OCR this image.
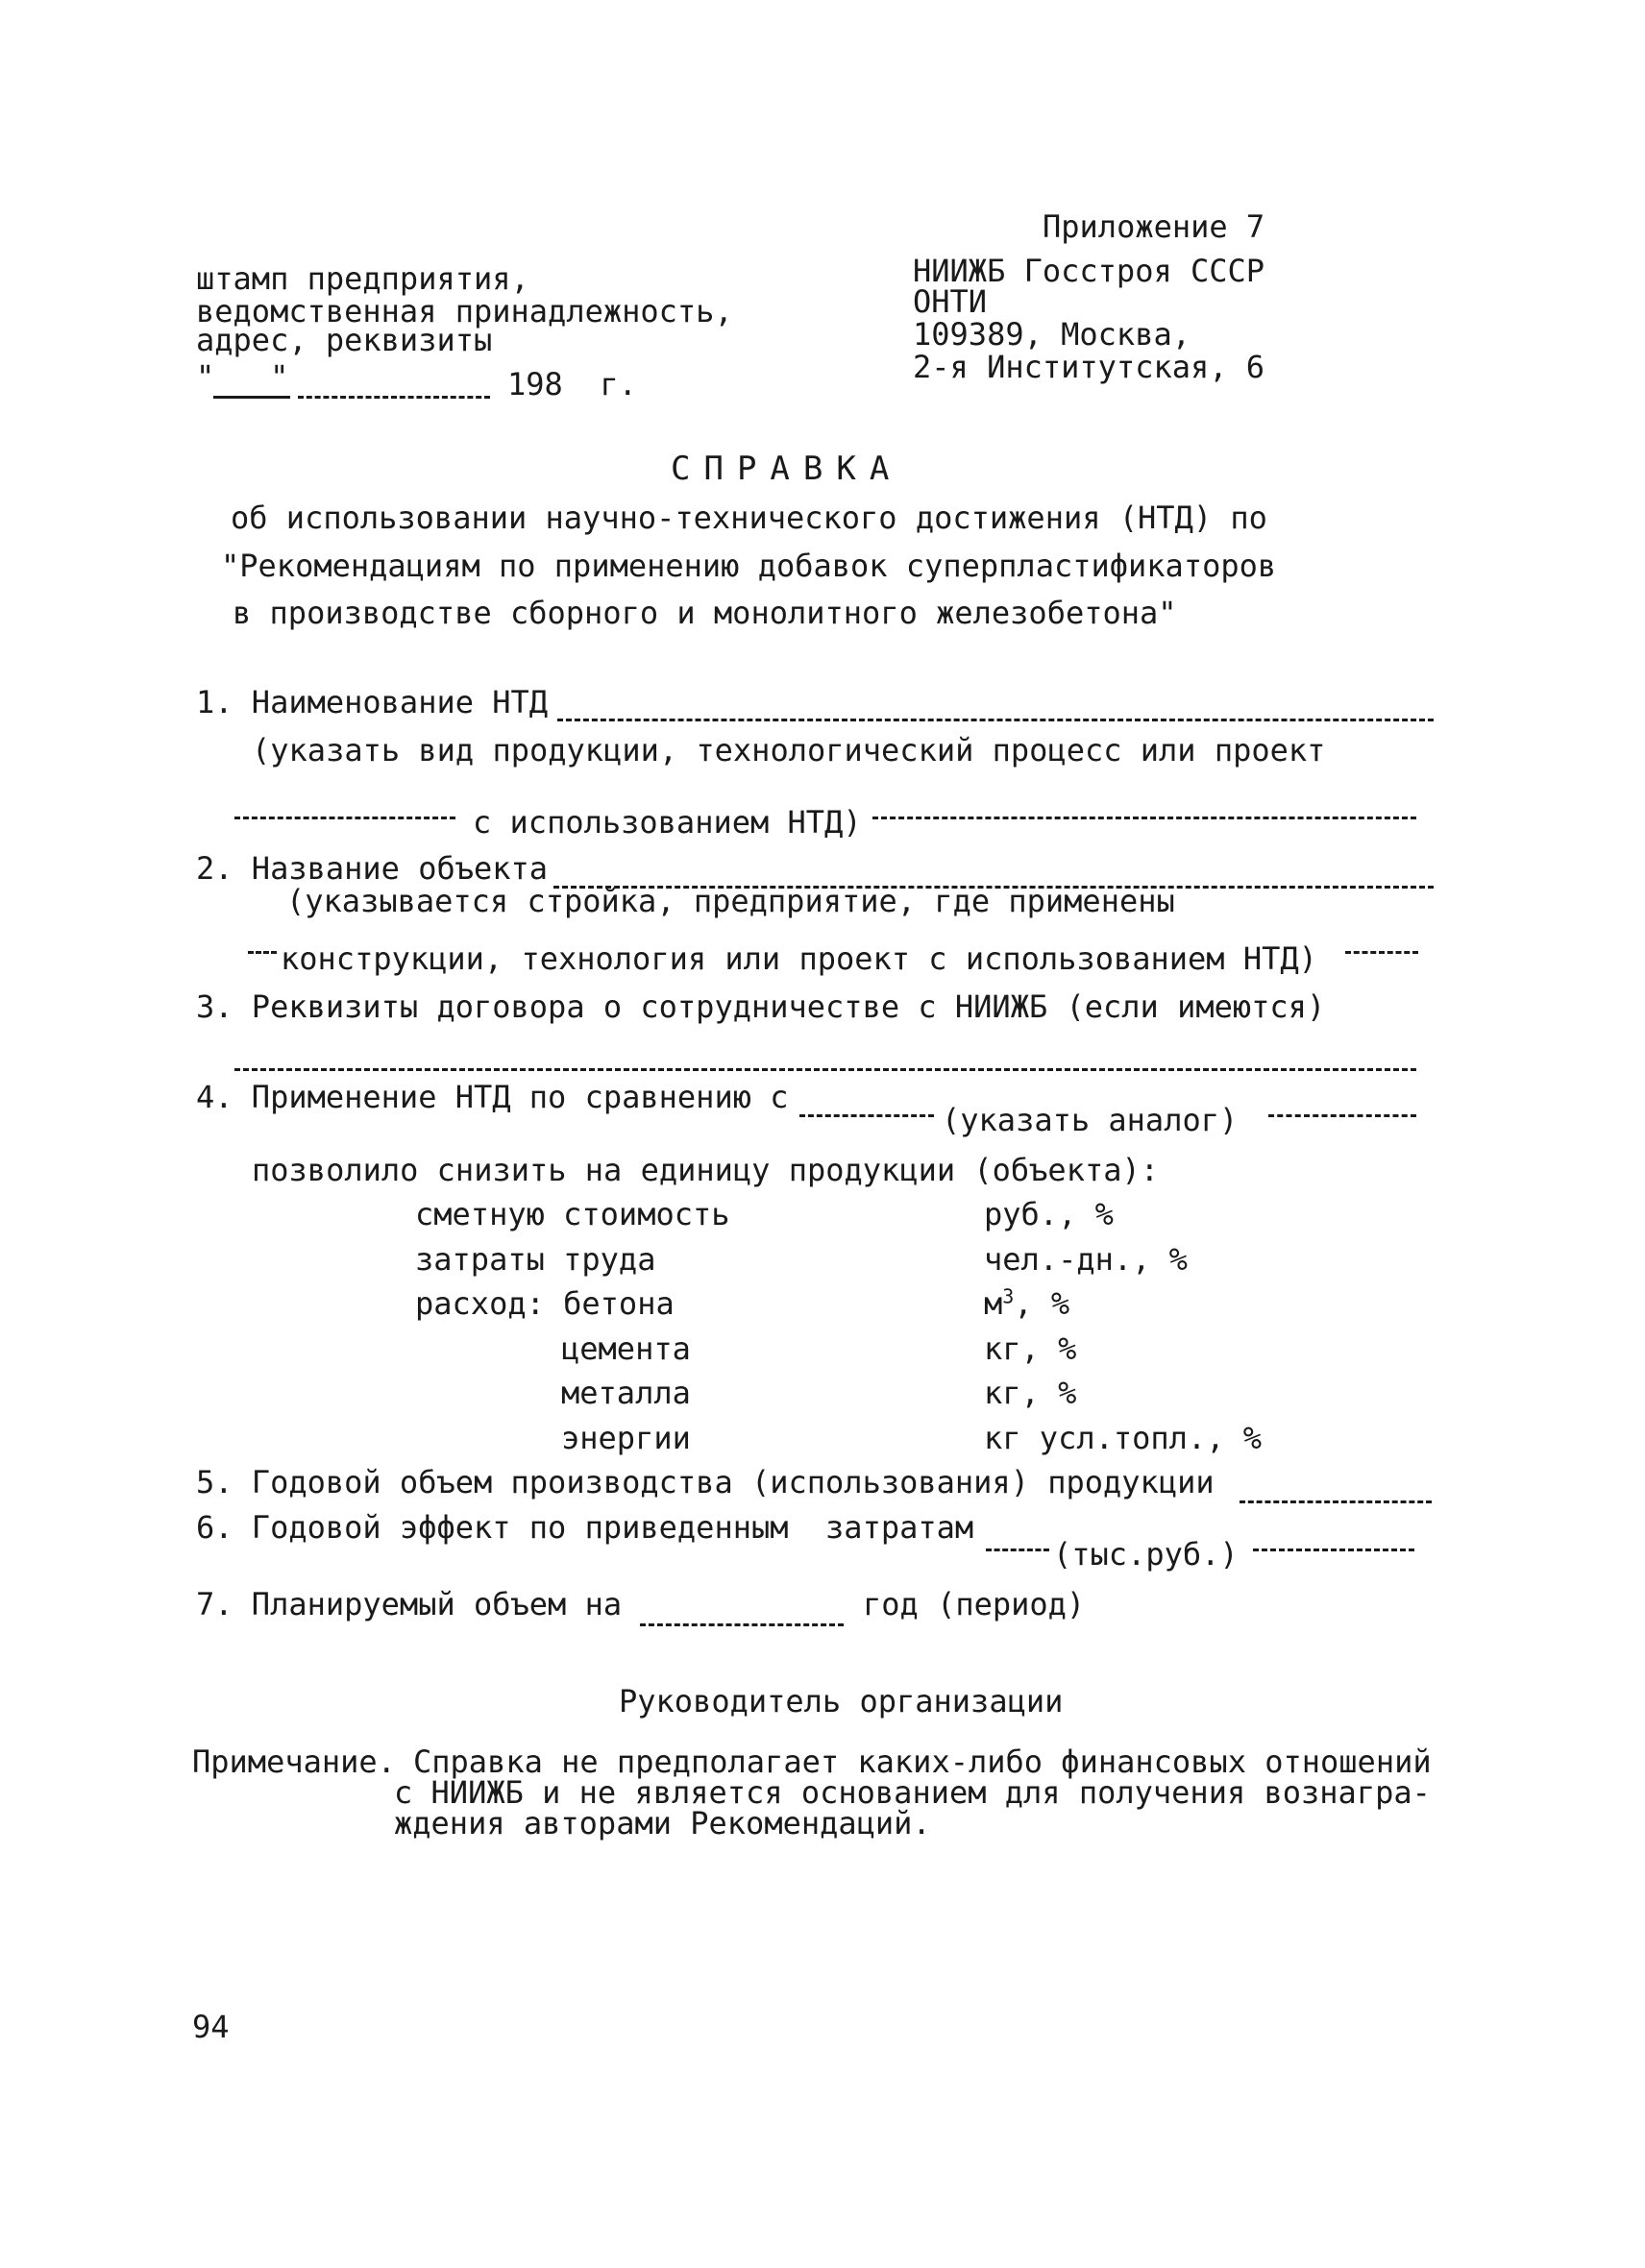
Приложение 7
НИИЖБ Госстроя СССР
ОНТИ
109389, Москва,
2-я Институтская, 6
штамп предприятия,
ведомственная принадлежность,
адрес, реквизиты
"   "	198  г.
СПРАВКА
об использовании научно-технического достижения (НТД) по
"Рекомендациям по применению добавок суперпластификаторов
в производстве сборного и монолитного железобетона"
1. Наименование НТД
(указать вид продукции, технологический процесс или проект
с использованием НТД)
2. Название объекта
(указывается стройка, предприятие, где применены
конструкции, технология или проект с использованием НТД)
3. Реквизиты договора о сотрудничестве с НИИЖБ (если имеются)
4. Применение НТД по сравнению с
(указать аналог)
позволило снизить на единицу продукции (объекта):
сметную стоимость	руб., %
затраты труда	чел.-дн., %
расход: бетона	$м^3$, %
цемента	кг, %
металла	кг, %
энергии	кг усл.топл., %
5. Годовой объем производства (использования) продукции
6. Годовой эффект по приведенным  затратам
(тыс.руб.)
7. Планируемый объем на	год (период)
Руководитель организации
Примечание. Справка не предполагает каких-либо финансовых отношений
с НИИЖБ и не является основанием для получения вознагра-
ждения авторами Рекомендаций.
94
